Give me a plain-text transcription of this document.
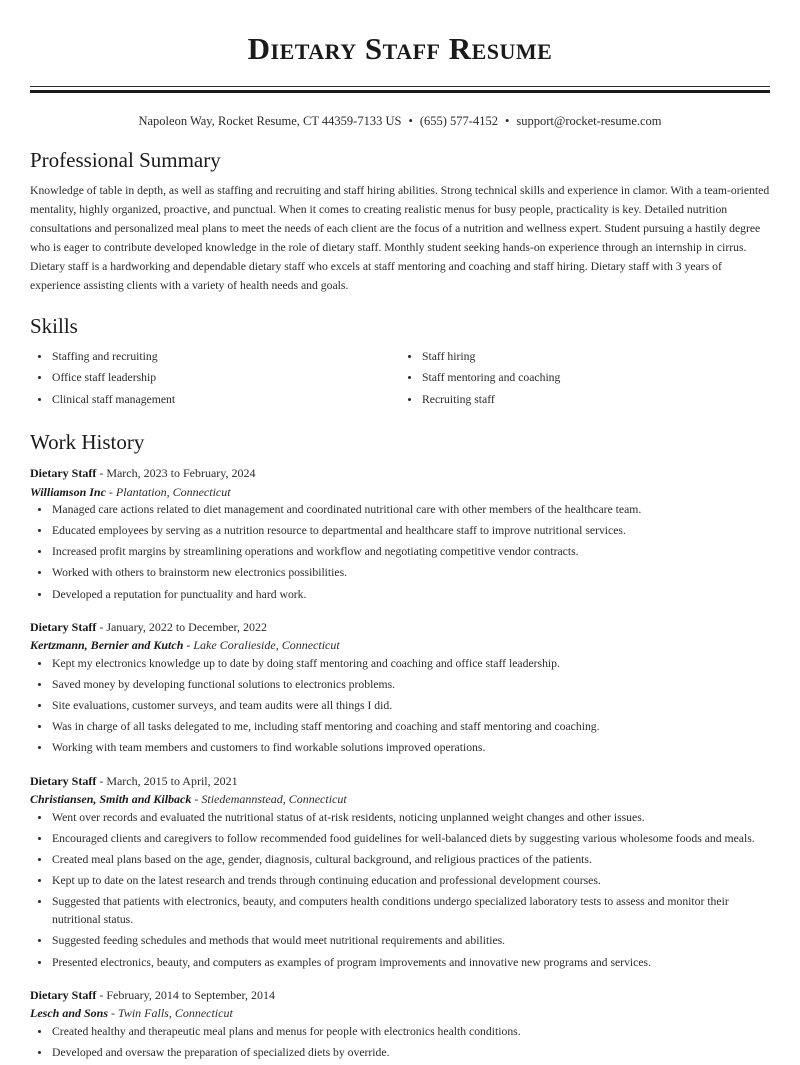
Dietary Staff Resume
Napoleon Way, Rocket Resume, CT 44359-7133 US • (655) 577-4152 • support@rocket-resume.com
Professional Summary

Knowledge of table in depth, as well as staffing and recruiting and staff hiring abilities. Strong technical skills and experience in clamor. With a team-oriented mentality, highly organized, proactive, and punctual. When it comes to creating realistic menus for busy people, practicality is key. Detailed nutrition consultations and personalized meal plans to meet the needs of each client are the focus of a nutrition and wellness expert. Student pursuing a hastily degree who is eager to contribute developed knowledge in the role of dietary staff. Monthly student seeking hands-on experience through an internship in cirrus. Dietary staff is a hardworking and dependable dietary staff who excels at staff mentoring and coaching and staff hiring. Dietary staff with 3 years of experience assisting clients with a variety of health needs and goals.

Skills
Staffing and recruiting
Office staff leadership
Clinical staff management
Staff hiring
Staff mentoring and coaching
Recruiting staff
Work History
Dietary Staff - March, 2023 to February, 2024
Williamson Inc - Plantation, Connecticut
Managed care actions related to diet management and coordinated nutritional care with other members of the healthcare team.
Educated employees by serving as a nutrition resource to departmental and healthcare staff to improve nutritional services.
Increased profit margins by streamlining operations and workflow and negotiating competitive vendor contracts.
Worked with others to brainstorm new electronics possibilities.
Developed a reputation for punctuality and hard work.
Dietary Staff - January, 2022 to December, 2022
Kertzmann, Bernier and Kutch - Lake Coralieside, Connecticut
Kept my electronics knowledge up to date by doing staff mentoring and coaching and office staff leadership.
Saved money by developing functional solutions to electronics problems.
Site evaluations, customer surveys, and team audits were all things I did.
Was in charge of all tasks delegated to me, including staff mentoring and coaching and staff mentoring and coaching.
Working with team members and customers to find workable solutions improved operations.
Dietary Staff - March, 2015 to April, 2021
Christiansen, Smith and Kilback - Stiedemannstead, Connecticut
Went over records and evaluated the nutritional status of at-risk residents, noticing unplanned weight changes and other issues.
Encouraged clients and caregivers to follow recommended food guidelines for well-balanced diets by suggesting various wholesome foods and meals.
Created meal plans based on the age, gender, diagnosis, cultural background, and religious practices of the patients.
Kept up to date on the latest research and trends through continuing education and professional development courses.
Suggested that patients with electronics, beauty, and computers health conditions undergo specialized laboratory tests to assess and monitor their nutritional status.
Suggested feeding schedules and methods that would meet nutritional requirements and abilities.
Presented electronics, beauty, and computers as examples of program improvements and innovative new programs and services.
Dietary Staff - February, 2014 to September, 2014
Lesch and Sons - Twin Falls, Connecticut
Created healthy and therapeutic meal plans and menus for people with electronics health conditions.
Developed and oversaw the preparation of specialized diets by override.
